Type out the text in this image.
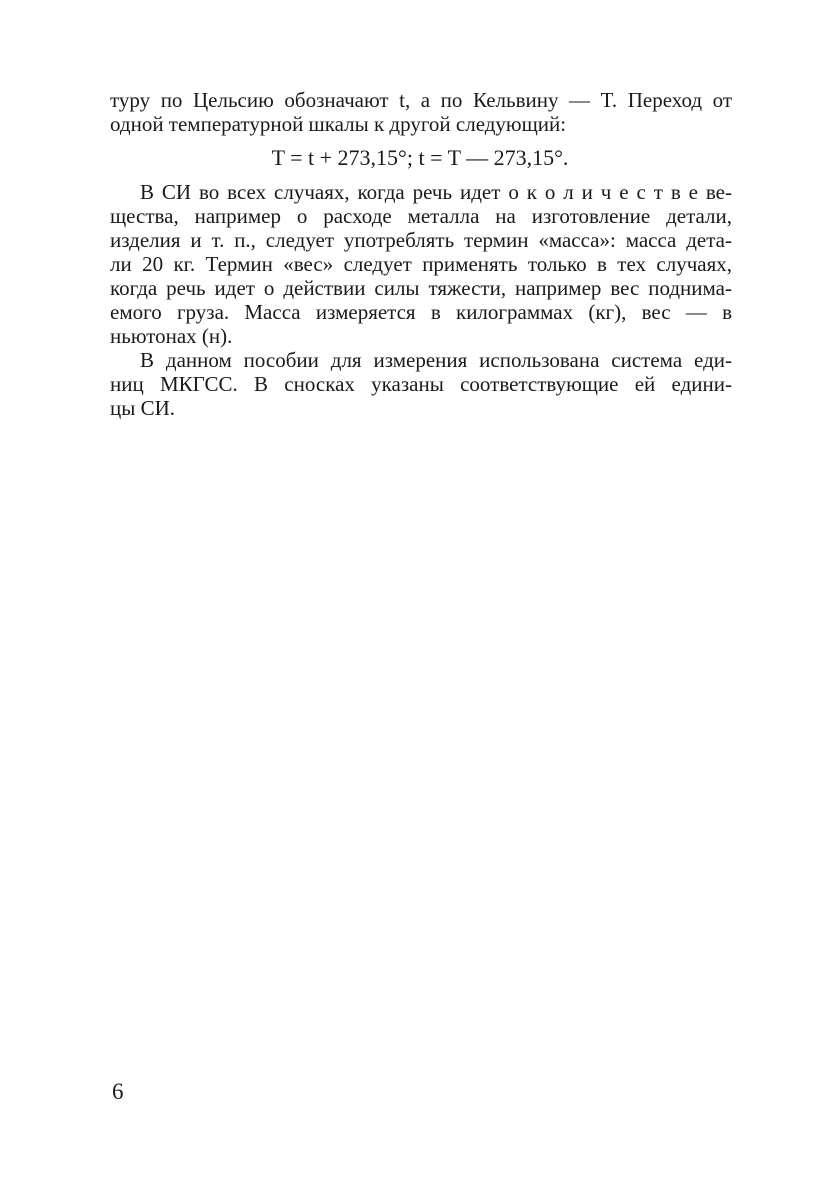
туру по Цельсию обозначают t, а по Кельвину — T. Переход от
одной температурной шкалы к другой следующий:
T = t + 273,15°; t = T — 273,15°.
В СИ во всех случаях, когда речь идет о к о л и ч е с т в е ве-
щества, например о расходе металла на изготовление детали,
изделия и т. п., следует употреблять термин «масса»: масса дета-
ли 20 кг. Термин «вес» следует применять только в тех случаях,
когда речь идет о действии силы тяжести, например вес поднима-
емого груза. Масса измеряется в килограммах (кг), вес — в
ньютонах (н).
В данном пособии для измерения использована система еди-
ниц МКГСС. В сносках указаны соответствующие ей едини-
цы СИ.
6
